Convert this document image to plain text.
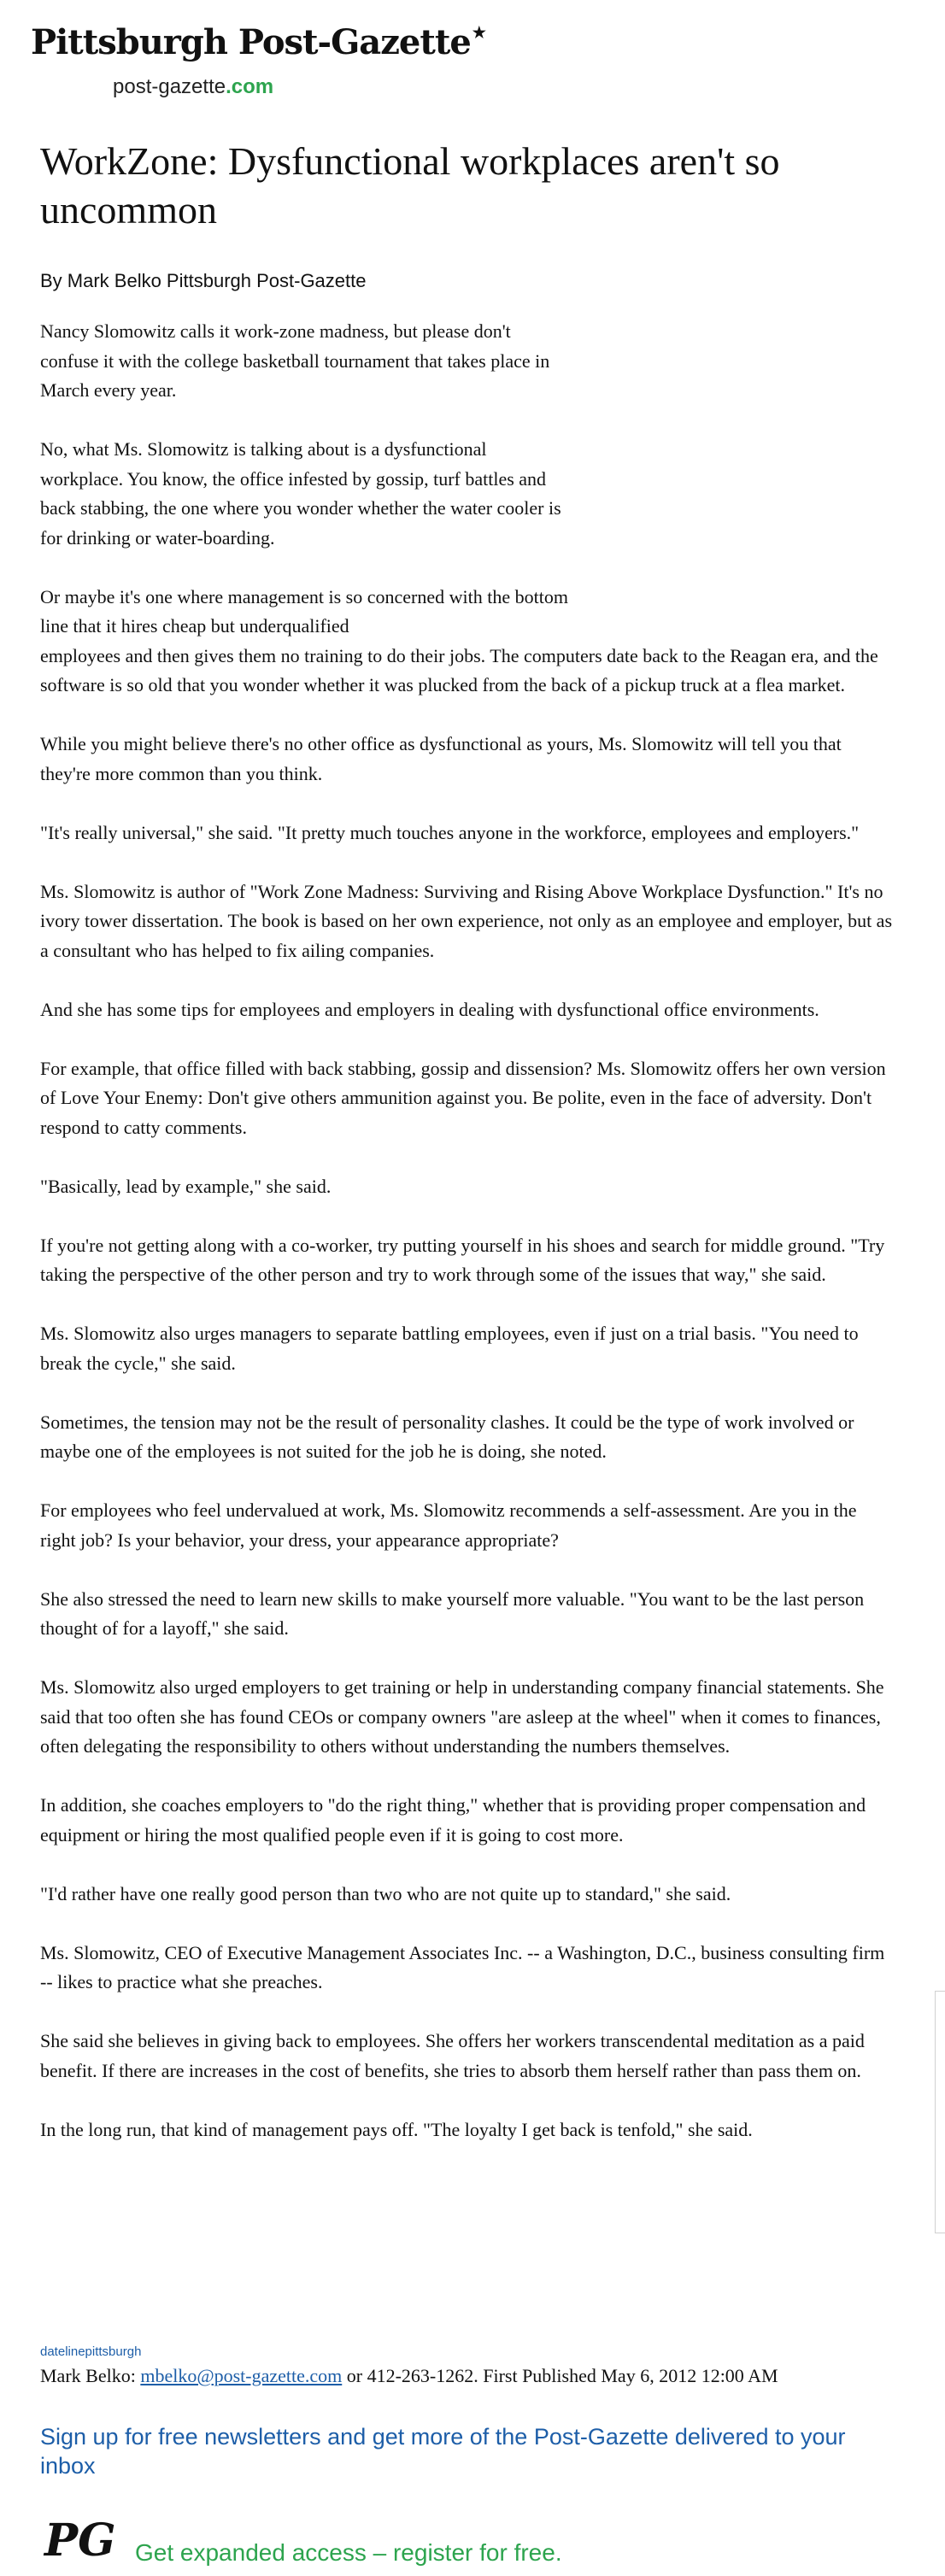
Pittsburgh Post-Gazette ★
post-gazette.com
WorkZone: Dysfunctional workplaces aren't so uncommon
By Mark Belko Pittsburgh Post-Gazette

Nancy Slomowitz calls it work-zone madness, but please don't confuse it with the college basketball tournament that takes place in March every year.

No, what Ms. Slomowitz is talking about is a dysfunctional workplace. You know, the office infested by gossip, turf battles and back stabbing, the one where you wonder whether the water cooler is for drinking or water-boarding.

Or maybe it's one where management is so concerned with the bottom line that it hires cheap but underqualified

employees and then gives them no training to do their jobs. The computers date back to the Reagan era, and the software is so old that you wonder whether it was plucked from the back of a pickup truck at a flea market.

While you might believe there's no other office as dysfunctional as yours, Ms. Slomowitz will tell you that they're more common than you think.

"It's really universal," she said. "It pretty much touches anyone in the workforce, employees and employers."

Ms. Slomowitz is author of "Work Zone Madness: Surviving and Rising Above Workplace Dysfunction." It's no ivory tower dissertation. The book is based on her own experience, not only as an employee and employer, but as a consultant who has helped to fix ailing companies.

And she has some tips for employees and employers in dealing with dysfunctional office environments.

For example, that office filled with back stabbing, gossip and dissension? Ms. Slomowitz offers her own version of Love Your Enemy: Don't give others ammunition against you. Be polite, even in the face of adversity. Don't respond to catty comments.

"Basically, lead by example," she said.

If you're not getting along with a co-worker, try putting yourself in his shoes and search for middle ground. "Try taking the perspective of the other person and try to work through some of the issues that way," she said.

Ms. Slomowitz also urges managers to separate battling employees, even if just on a trial basis. "You need to break the cycle," she said.

Sometimes, the tension may not be the result of personality clashes. It could be the type of work involved or maybe one of the employees is not suited for the job he is doing, she noted.

For employees who feel undervalued at work, Ms. Slomowitz recommends a self-assessment. Are you in the right job? Is your behavior, your dress, your appearance appropriate?

She also stressed the need to learn new skills to make yourself more valuable. "You want to be the last person thought of for a layoff," she said.

Ms. Slomowitz also urged employers to get training or help in understanding company financial statements. She said that too often she has found CEOs or company owners "are asleep at the wheel" when it comes to finances, often delegating the responsibility to others without understanding the numbers themselves.

In addition, she coaches employers to "do the right thing," whether that is providing proper compensation and equipment or hiring the most qualified people even if it is going to cost more.

"I'd rather have one really good person than two who are not quite up to standard," she said.

Ms. Slomowitz, CEO of Executive Management Associates Inc. -- a Washington, D.C., business consulting firm -- likes to practice what she preaches.

She said she believes in giving back to employees. She offers her workers transcendental meditation as a paid benefit. If there are increases in the cost of benefits, she tries to absorb them herself rather than pass them on.

In the long run, that kind of management pays off. "The loyalty I get back is tenfold," she said.

datelinepittsburgh
Mark Belko: mbelko@post-gazette.com or 412-263-1262. First Published May 6, 2012 12:00 AM
Sign up for free newsletters and get more of the Post-Gazette delivered to your inbox
PG Get expanded access – register for free.
